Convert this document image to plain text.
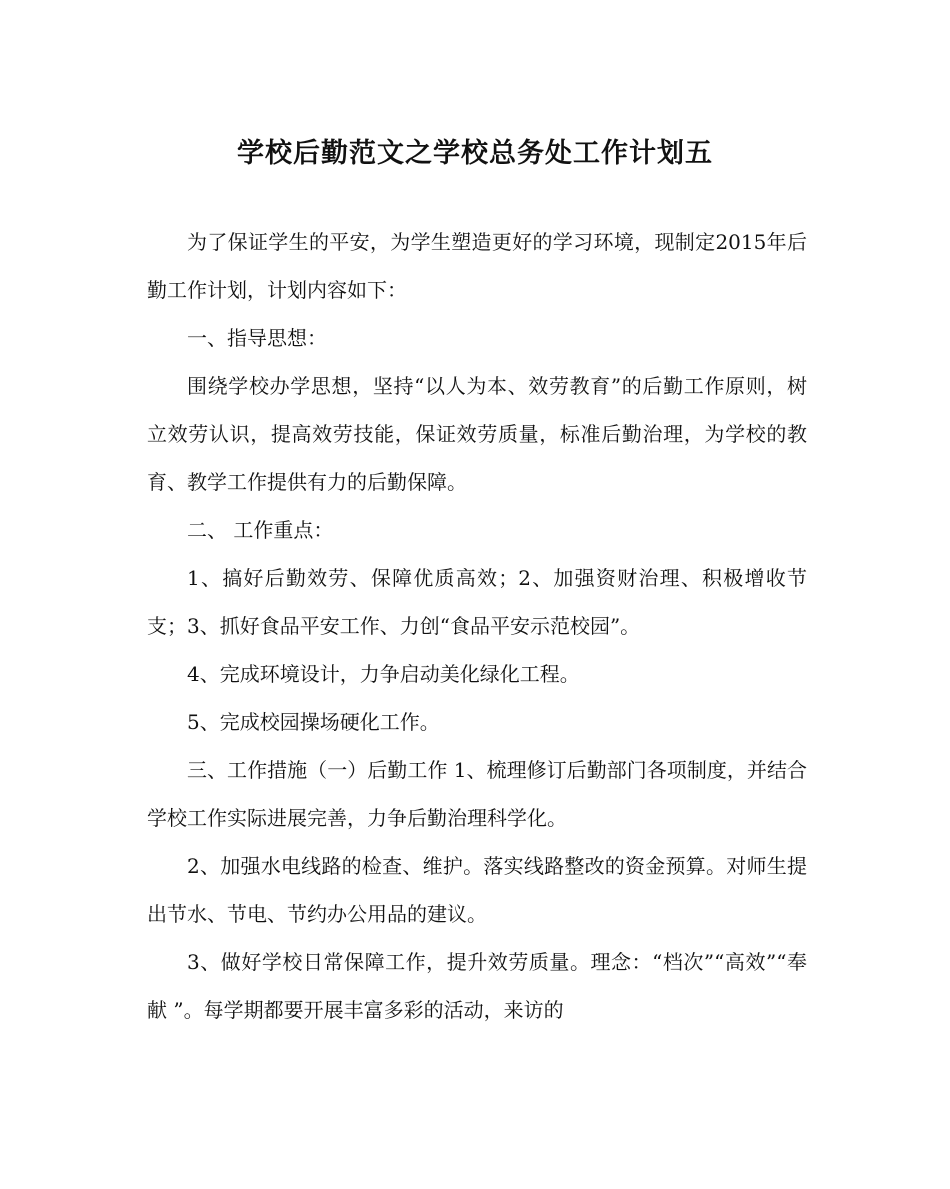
学校后勤范文之学校总务处工作计划五

为了保证学生的平安，为学生塑造更好的学习环境，现制定2015年后勤工作计划，计划内容如下：

一、指导思想：

围绕学校办学思想，坚持“以人为本、效劳教育”的后勤工作原则，树立效劳认识，提高效劳技能，保证效劳质量，标准后勤治理，为学校的教育、教学工作提供有力的后勤保障。

二、 工作重点：

1、搞好后勤效劳、保障优质高效；2、加强资财治理、积极增收节支；3、抓好食品平安工作、力创“食品平安示范校园”。

4、完成环境设计，力争启动美化绿化工程。

5、完成校园操场硬化工作。

三、工作措施（一）后勤工作 1、梳理修订后勤部门各项制度，并结合学校工作实际进展完善，力争后勤治理科学化。

2、加强水电线路的检查、维护。落实线路整改的资金预算。对师生提出节水、节电、节约办公用品的建议。

3、做好学校日常保障工作，提升效劳质量。理念：“档次”“高效”“奉献 ”。每学期都要开展丰富多彩的活动，来访的
